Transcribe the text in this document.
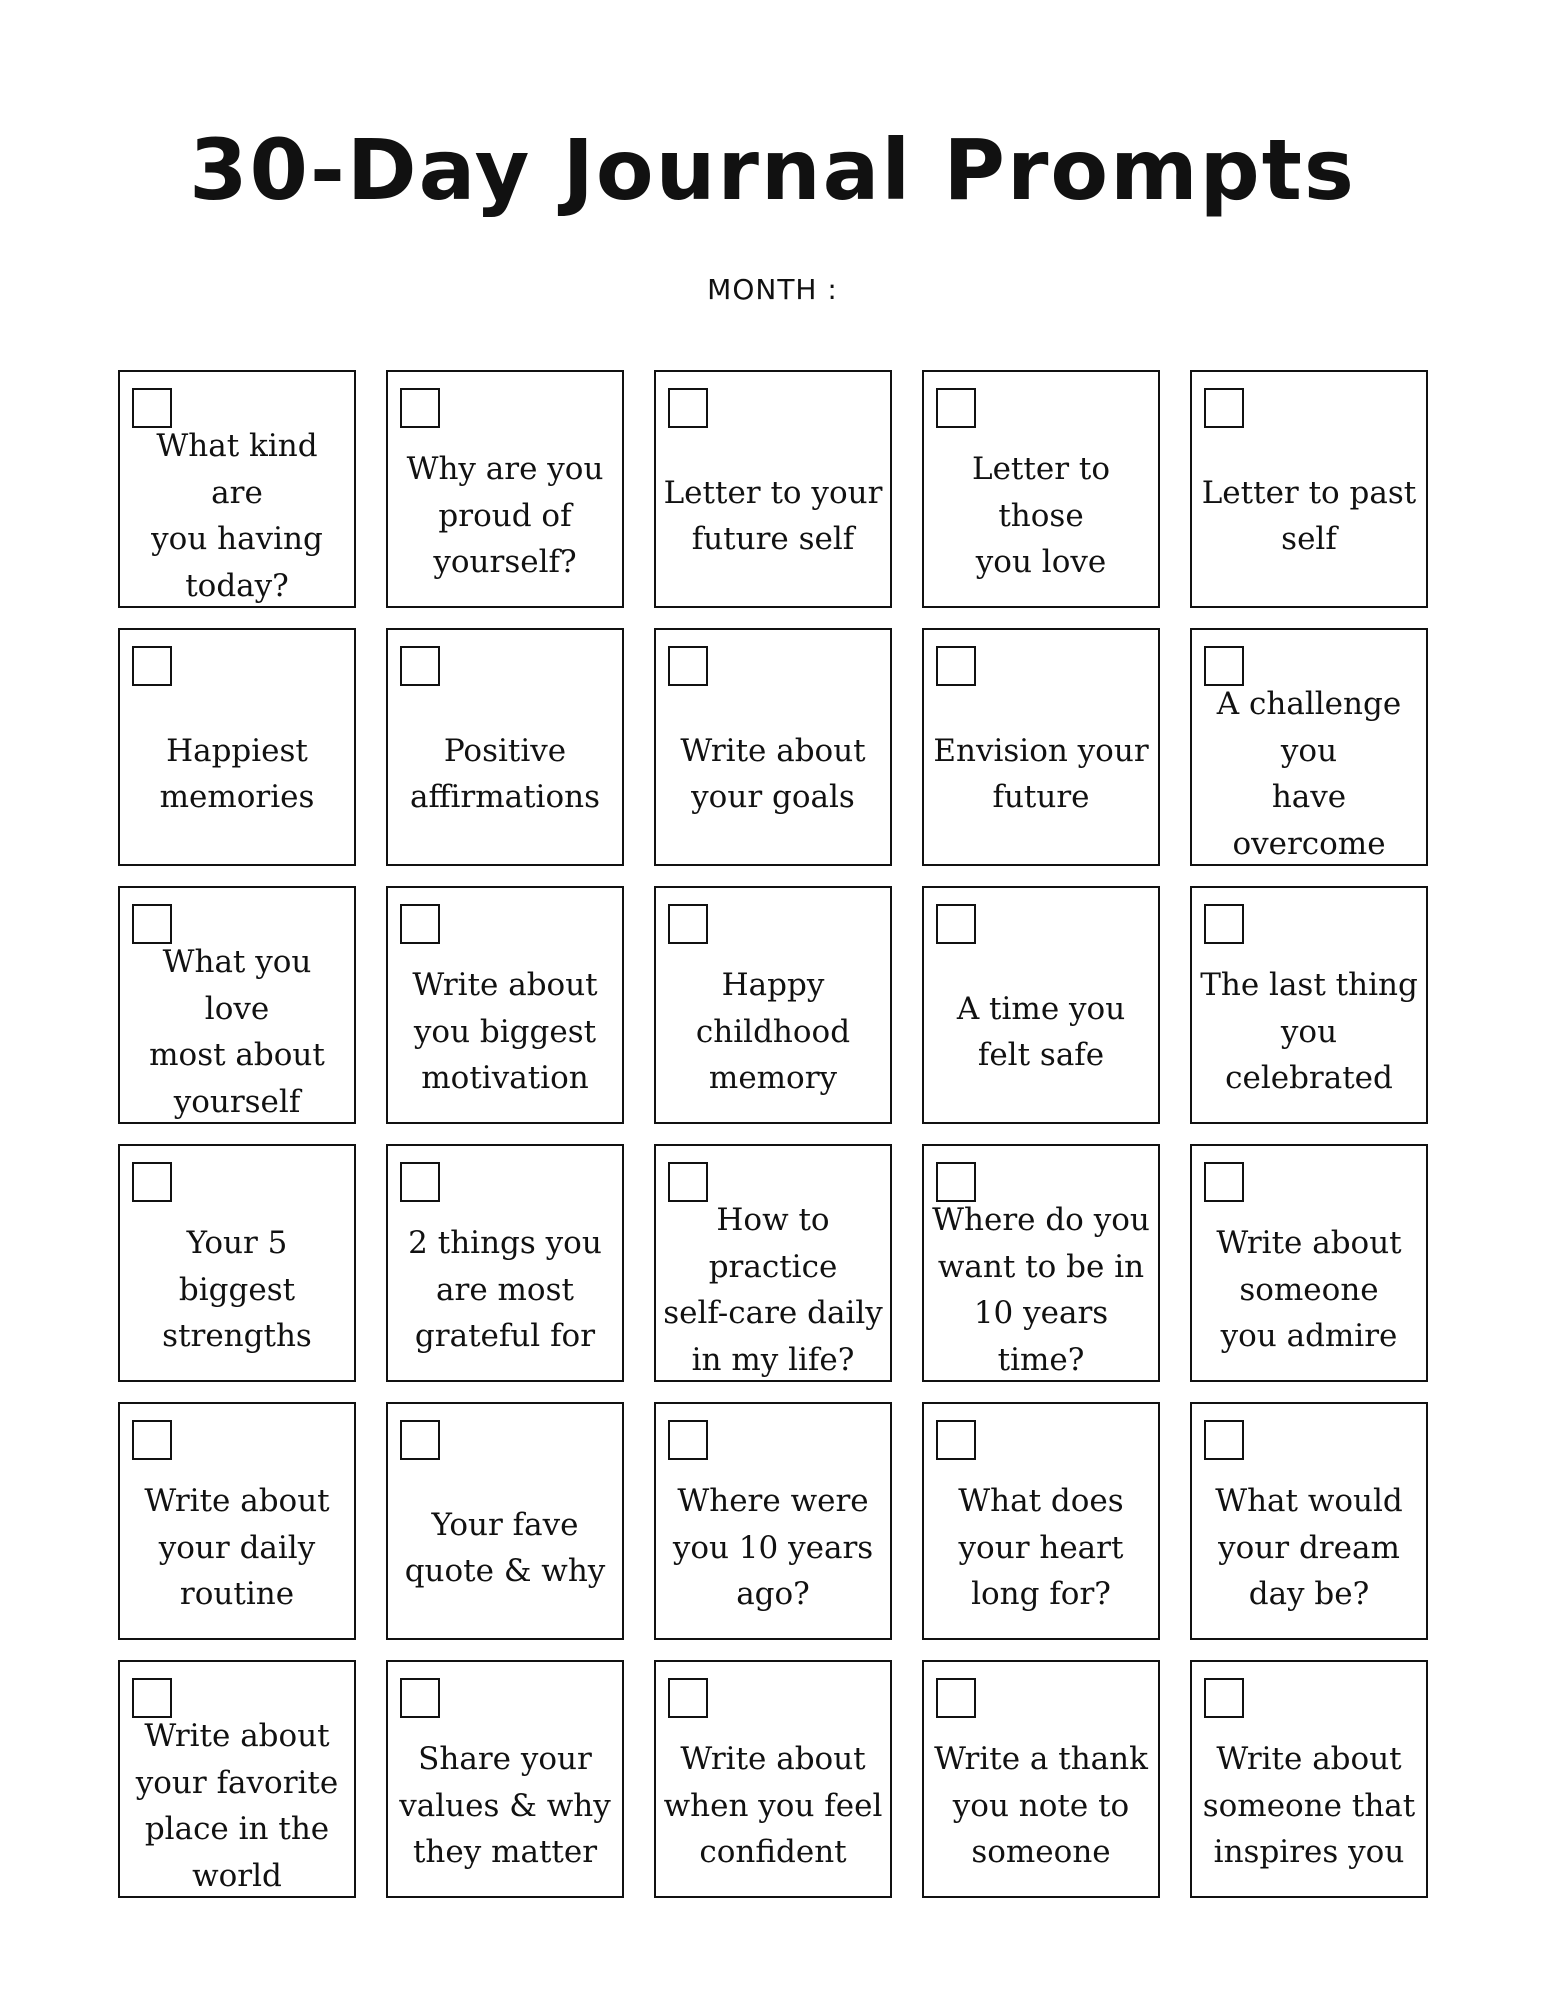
30-Day Journal Prompts
MONTH :
What kind are
you having
today?
Why are you
proud of
yourself?
Letter to your
future self
Letter to those
you love
Letter to past
self
Happiest
memories
Positive
affirmations
Write about
your goals
Envision your
future
A challenge you
have overcome
What you love
most about
yourself
Write about
you biggest
motivation
Happy
childhood
memory
A time you
felt safe
The last thing
you celebrated
Your 5 biggest
strengths
2 things you
are most
grateful for
How to practice
self-care daily
in my life?
Where do you
want to be in
10 years time?
Write about
someone
you admire
Write about
your daily
routine
Your fave
quote & why
Where were
you 10 years
ago?
What does
your heart
long for?
What would
your dream
day be?
Write about
your favorite
place in the
world
Share your
values & why
they matter
Write about
when you feel
confident
Write a thank
you note to
someone
Write about
someone that
inspires you
